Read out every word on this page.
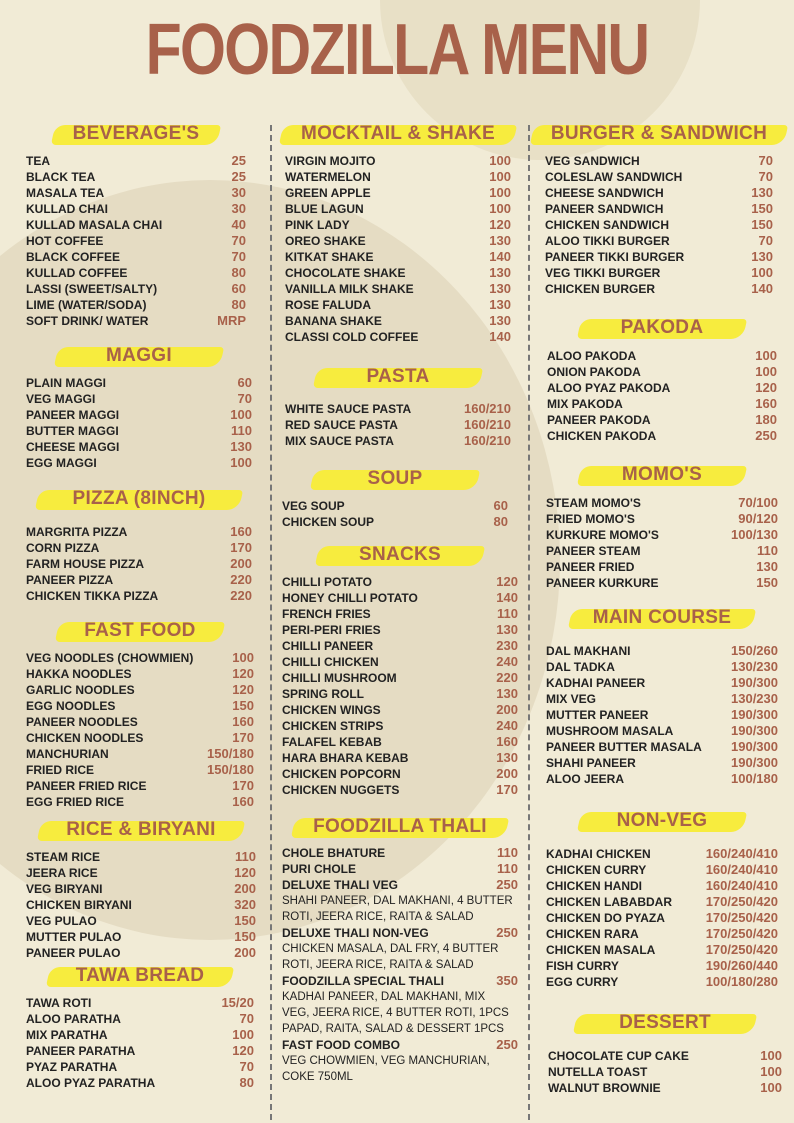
FOODZILLA MENU
BEVERAGE'S
TEA	25
BLACK TEA	25
MASALA TEA	30
KULLAD CHAI	30
KULLAD MASALA CHAI	40
HOT COFFEE	70
BLACK COFFEE	70
KULLAD COFFEE	80
LASSI (SWEET/SALTY)	60
LIME (WATER/SODA)	80
SOFT DRINK/ WATER	MRP
MAGGI
PLAIN MAGGI	60
VEG MAGGI	70
PANEER MAGGI	100
BUTTER MAGGI	110
CHEESE MAGGI	130
EGG MAGGI	100
PIZZA (8INCH)
MARGRITA PIZZA	160
CORN PIZZA	170
FARM HOUSE PIZZA	200
PANEER PIZZA	220
CHICKEN TIKKA PIZZA	220
FAST FOOD
VEG NOODLES (CHOWMIEN)	100
HAKKA NOODLES	120
GARLIC NOODLES	120
EGG NOODLES	150
PANEER NOODLES	160
CHICKEN NOODLES	170
MANCHURIAN	150/180
FRIED RICE	150/180
PANEER FRIED RICE	170
EGG FRIED RICE	160
RICE & BIRYANI
STEAM RICE	110
JEERA RICE	120
VEG BIRYANI	200
CHICKEN BIRYANI	320
VEG PULAO	150
MUTTER PULAO	150
PANEER PULAO	200
TAWA BREAD
TAWA ROTI	15/20
ALOO PARATHA	70
MIX PARATHA	100
PANEER PARATHA	120
PYAZ PARATHA	70
ALOO PYAZ PARATHA	80
MOCKTAIL & SHAKE
VIRGIN MOJITO	100
WATERMELON	100
GREEN APPLE	100
BLUE LAGUN	100
PINK LADY	120
OREO SHAKE	130
KITKAT SHAKE	140
CHOCOLATE SHAKE	130
VANILLA MILK SHAKE	130
ROSE FALUDA	130
BANANA SHAKE	130
CLASSI COLD COFFEE	140
PASTA
WHITE SAUCE PASTA	160/210
RED SAUCE PASTA	160/210
MIX SAUCE PASTA	160/210
SOUP
VEG SOUP	60
CHICKEN SOUP	80
SNACKS
CHILLI POTATO	120
HONEY CHILLI POTATO	140
FRENCH FRIES	110
PERI-PERI FRIES	130
CHILLI PANEER	230
CHILLI CHICKEN	240
CHILLI MUSHROOM	220
SPRING ROLL	130
CHICKEN WINGS	200
CHICKEN STRIPS	240
FALAFEL KEBAB	160
HARA BHARA KEBAB	130
CHICKEN POPCORN	200
CHICKEN NUGGETS	170
FOODZILLA THALI
CHOLE BHATURE	110
PURI CHOLE	110
DELUXE THALI VEG	250
SHAHI PANEER, DAL MAKHANI, 4 BUTTER
ROTI, JEERA RICE, RAITA & SALAD
DELUXE THALI NON-VEG	250
CHICKEN MASALA, DAL FRY, 4 BUTTER
ROTI, JEERA RICE, RAITA & SALAD
FOODZILLA SPECIAL THALI	350
KADHAI PANEER, DAL MAKHANI, MIX
VEG, JEERA RICE, 4 BUTTER ROTI, 1PCS
PAPAD, RAITA, SALAD & DESSERT 1PCS
FAST FOOD COMBO	250
VEG CHOWMIEN, VEG MANCHURIAN,
COKE 750ML
BURGER & SANDWICH
VEG SANDWICH	70
COLESLAW SANDWICH	70
CHEESE SANDWICH	130
PANEER SANDWICH	150
CHICKEN SANDWICH	150
ALOO TIKKI BURGER	70
PANEER TIKKI BURGER	130
VEG TIKKI BURGER	100
CHICKEN BURGER	140
PAKODA
ALOO PAKODA	100
ONION PAKODA	100
ALOO PYAZ PAKODA	120
MIX PAKODA	160
PANEER PAKODA	180
CHICKEN PAKODA	250
MOMO'S
STEAM MOMO'S	70/100
FRIED MOMO'S	90/120
KURKURE MOMO'S	100/130
PANEER STEAM	110
PANEER FRIED	130
PANEER KURKURE	150
MAIN COURSE
DAL MAKHANI	150/260
DAL TADKA	130/230
KADHAI PANEER	190/300
MIX VEG	130/230
MUTTER PANEER	190/300
MUSHROOM MASALA	190/300
PANEER BUTTER MASALA 190/300
SHAHI PANEER	190/300
ALOO JEERA	100/180
NON-VEG
KADHAI CHICKEN	160/240/410
CHICKEN CURRY	160/240/410
CHICKEN HANDI	160/240/410
CHICKEN LABABDAR	170/250/420
CHICKEN DO PYAZA	170/250/420
CHICKEN RARA	170/250/420
CHICKEN MASALA	170/250/420
FISH CURRY	190/260/440
EGG CURRY	100/180/280
DESSERT
CHOCOLATE CUP CAKE	100
NUTELLA TOAST	100
WALNUT BROWNIE	100
